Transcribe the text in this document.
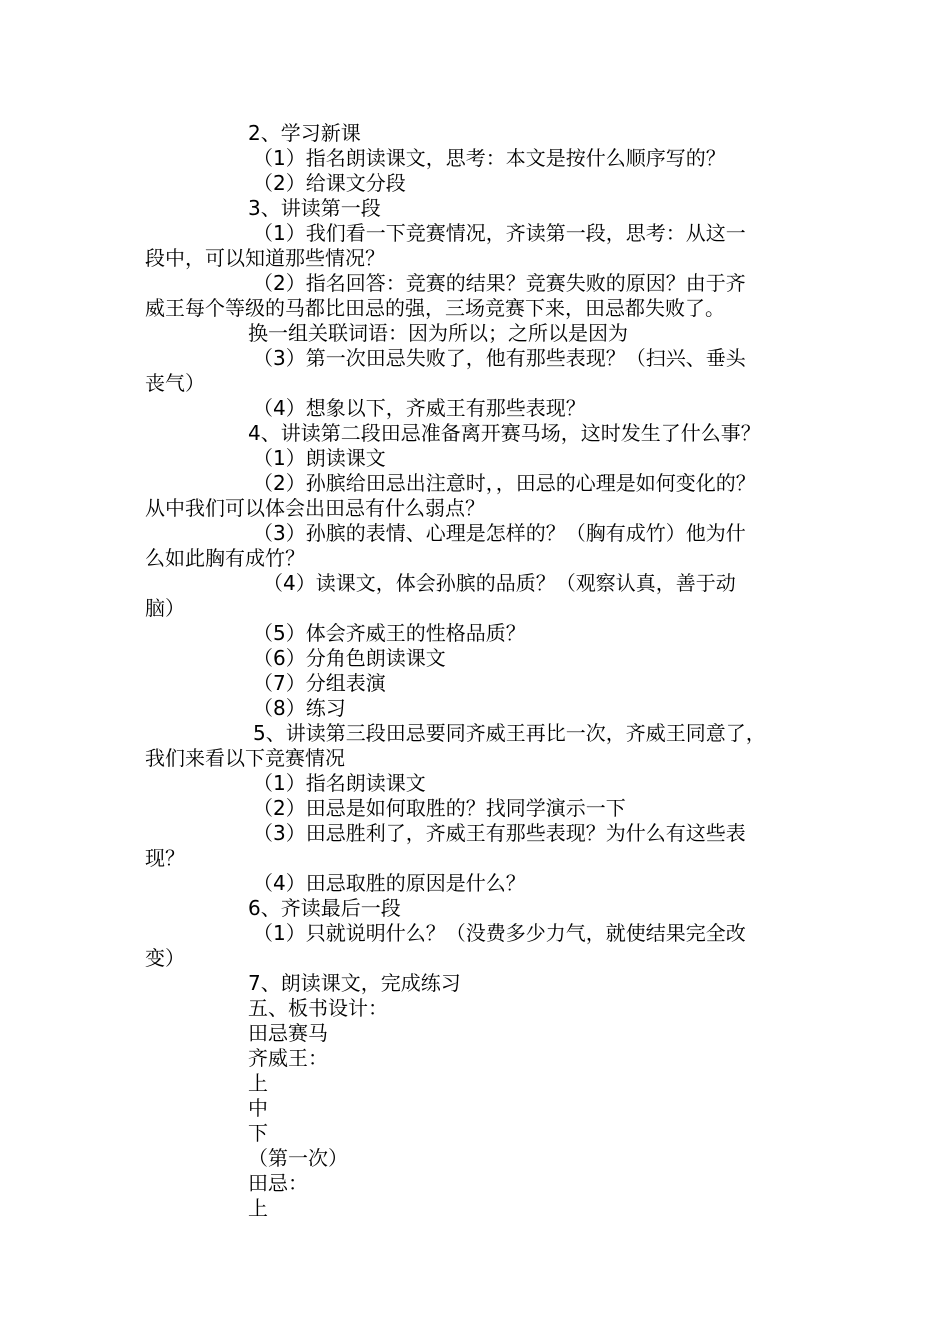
2、学习新课

（1）指名朗读课文，思考：本文是按什么顺序写的？

（2）给课文分段

3、讲读第一段

（1）我们看一下竞赛情况，齐读第一段，思考：从这一

段中，可以知道那些情况？

（2）指名回答：竞赛的结果？竞赛失败的原因？由于齐

威王每个等级的马都比田忌的强，三场竞赛下来，田忌都失败了。

换一组关联词语：因为所以；之所以是因为

（3）第一次田忌失败了，他有那些表现？（扫兴、垂头

丧气）

（4）想象以下，齐威王有那些表现？

4、讲读第二段田忌准备离开赛马场，这时发生了什么事？

（1）朗读课文

（2）孙膑给田忌出注意时，，田忌的心理是如何变化的？

从中我们可以体会出田忌有什么弱点？

（3）孙膑的表情、心理是怎样的？（胸有成竹）他为什

么如此胸有成竹？

（4）读课文，体会孙膑的品质？（观察认真，善于动

脑）

（5）体会齐威王的性格品质？

（6）分角色朗读课文

（7）分组表演

（8）练习

5、讲读第三段田忌要同齐威王再比一次，齐威王同意了，

我们来看以下竞赛情况

（1）指名朗读课文

（2）田忌是如何取胜的？找同学演示一下

（3）田忌胜利了，齐威王有那些表现？为什么有这些表

现？

（4）田忌取胜的原因是什么？

6、齐读最后一段

（1）只就说明什么？（没费多少力气，就使结果完全改

变）

7、朗读课文，完成练习

五、板书设计：

田忌赛马

齐威王：

上

中

下

（第一次）

田忌：

上
